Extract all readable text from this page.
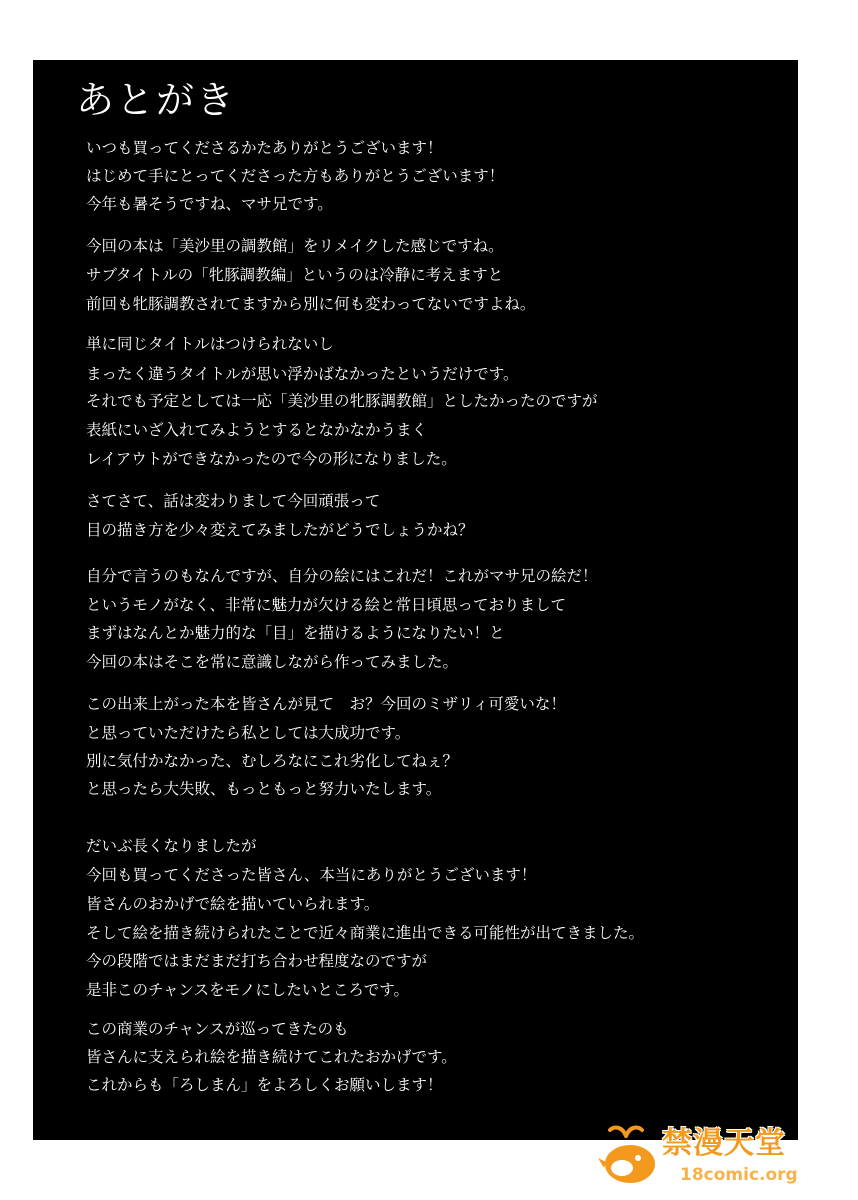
あとがき
いつも買ってくださるかたありがとうございます！
はじめて手にとってくださった方もありがとうございます！
今年も暑そうですね、マサ兄です。
今回の本は「美沙里の調教館」をリメイクした感じですね。
サブタイトルの「牝豚調教編」というのは冷静に考えますと
前回も牝豚調教されてますから別に何も変わってないですよね。
単に同じタイトルはつけられないし
まったく違うタイトルが思い浮かばなかったというだけです。
それでも予定としては一応「美沙里の牝豚調教館」としたかったのですが
表紙にいざ入れてみようとするとなかなかうまく
レイアウトができなかったので今の形になりました。
さてさて、話は変わりまして今回頑張って
目の描き方を少々変えてみましたがどうでしょうかね？
自分で言うのもなんですが、自分の絵にはこれだ！これがマサ兄の絵だ！
というモノがなく、非常に魅力が欠ける絵と常日頃思っておりまして
まずはなんとか魅力的な「目」を描けるようになりたい！と
今回の本はそこを常に意識しながら作ってみました。
この出来上がった本を皆さんが見て　お？今回のミザリィ可愛いな！
と思っていただけたら私としては大成功です。
別に気付かなかった、むしろなにこれ劣化してねぇ？
と思ったら大失敗、もっともっと努力いたします。
だいぶ長くなりましたが
今回も買ってくださった皆さん、本当にありがとうございます！
皆さんのおかげで絵を描いていられます。
そして絵を描き続けられたことで近々商業に進出できる可能性が出てきました。
今の段階ではまだまだ打ち合わせ程度なのですが
是非このチャンスをモノにしたいところです。
この商業のチャンスが巡ってきたのも
皆さんに支えられ絵を描き続けてこれたおかげです。
これからも「ろしまん」をよろしくお願いします！
禁漫天堂
18comic.org
